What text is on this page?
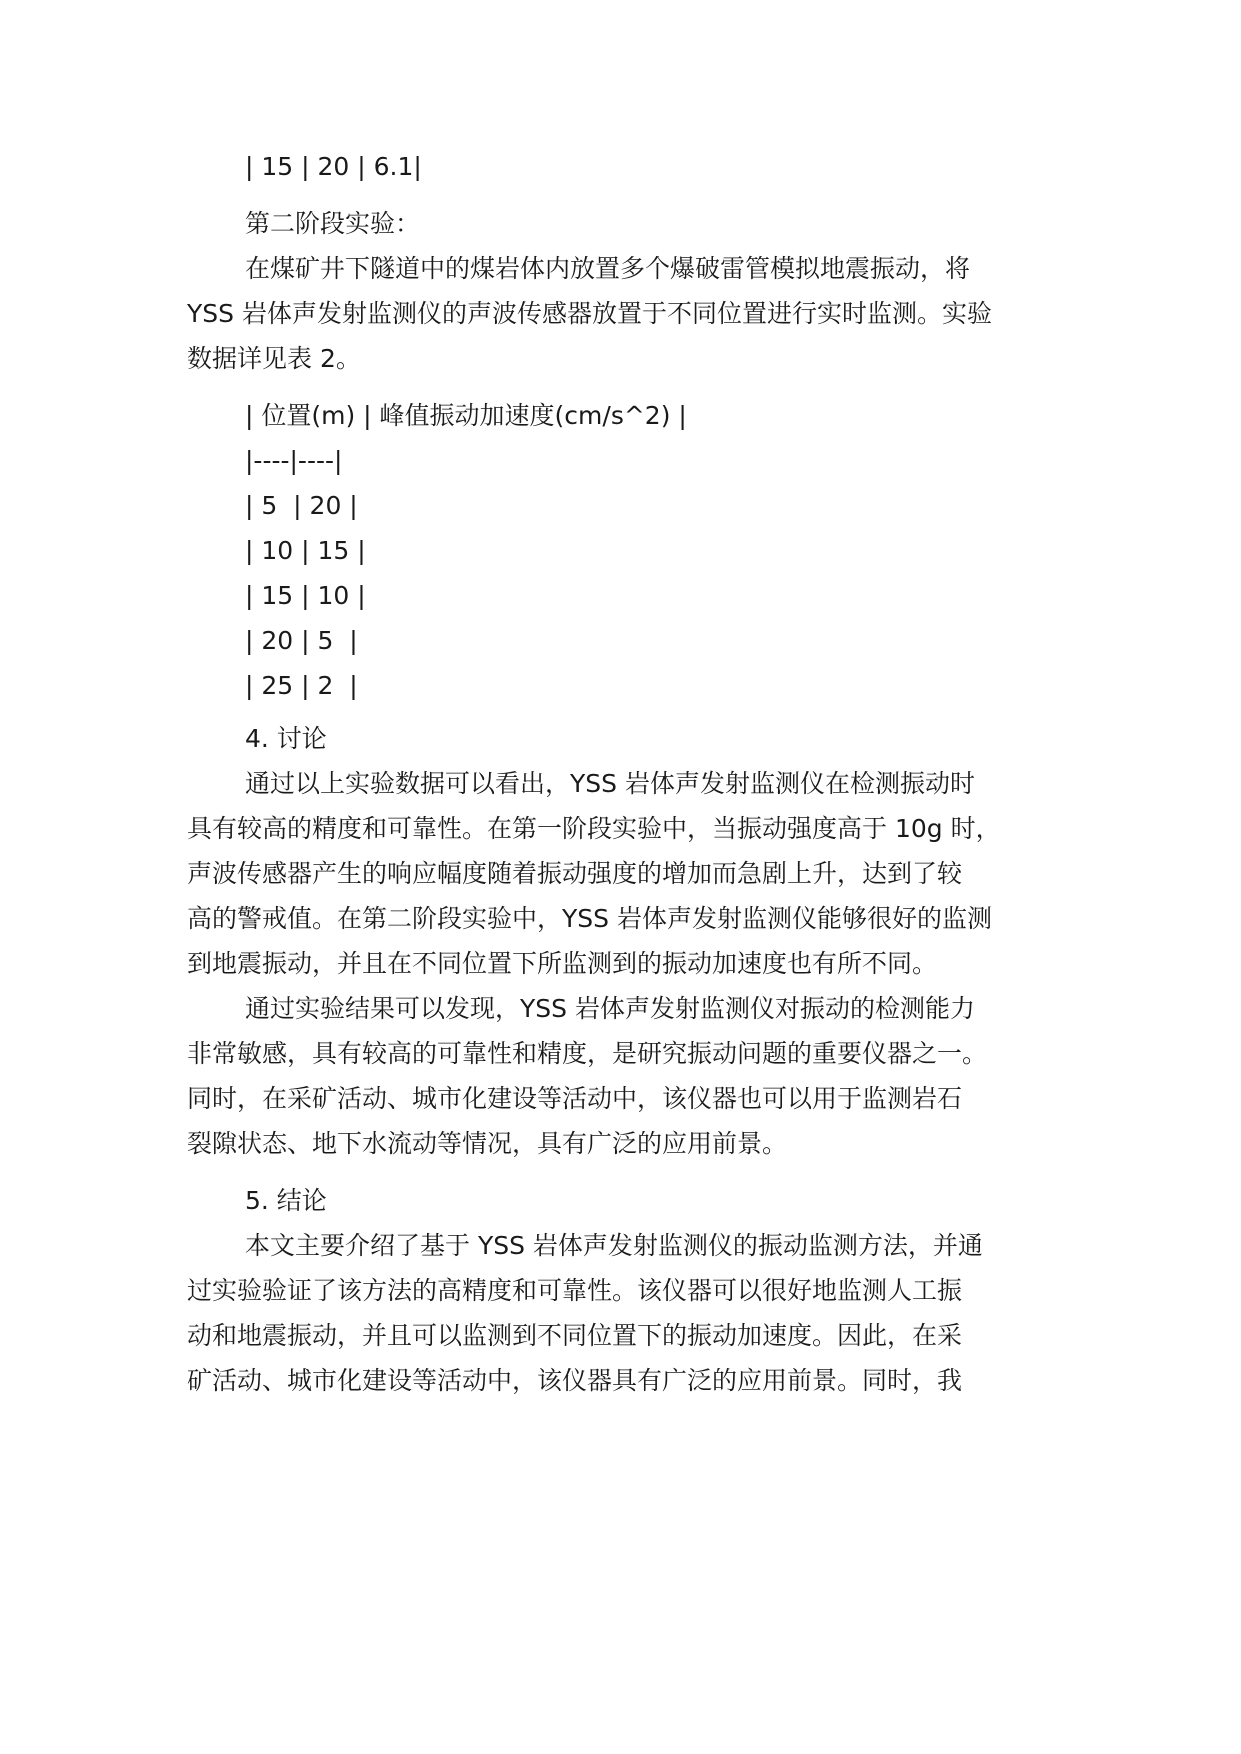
| 15 | 20 | 6.1|

第二阶段实验：

在煤矿井下隧道中的煤岩体内放置多个爆破雷管模拟地震振动，将
YSS 岩体声发射监测仪的声波传感器放置于不同位置进行实时监测。实验
数据详见表 2。

| 位置(m) | 峰值振动加速度(cm/s^2) |

|----|----|

| 5  | 20 |

| 10 | 15 |

| 15 | 10 |

| 20 | 5  |

| 25 | 2  |

4. 讨论

通过以上实验数据可以看出，YSS 岩体声发射监测仪在检测振动时
具有较高的精度和可靠性。在第一阶段实验中，当振动强度高于 10g 时，
声波传感器产生的响应幅度随着振动强度的增加而急剧上升，达到了较
高的警戒值。在第二阶段实验中，YSS 岩体声发射监测仪能够很好的监测
到地震振动，并且在不同位置下所监测到的振动加速度也有所不同。
通过实验结果可以发现，YSS 岩体声发射监测仪对振动的检测能力
非常敏感，具有较高的可靠性和精度，是研究振动问题的重要仪器之一。
同时，在采矿活动、城市化建设等活动中，该仪器也可以用于监测岩石
裂隙状态、地下水流动等情况，具有广泛的应用前景。

5. 结论

本文主要介绍了基于 YSS 岩体声发射监测仪的振动监测方法，并通
过实验验证了该方法的高精度和可靠性。该仪器可以很好地监测人工振
动和地震振动，并且可以监测到不同位置下的振动加速度。因此，在采
矿活动、城市化建设等活动中，该仪器具有广泛的应用前景。同时，我
